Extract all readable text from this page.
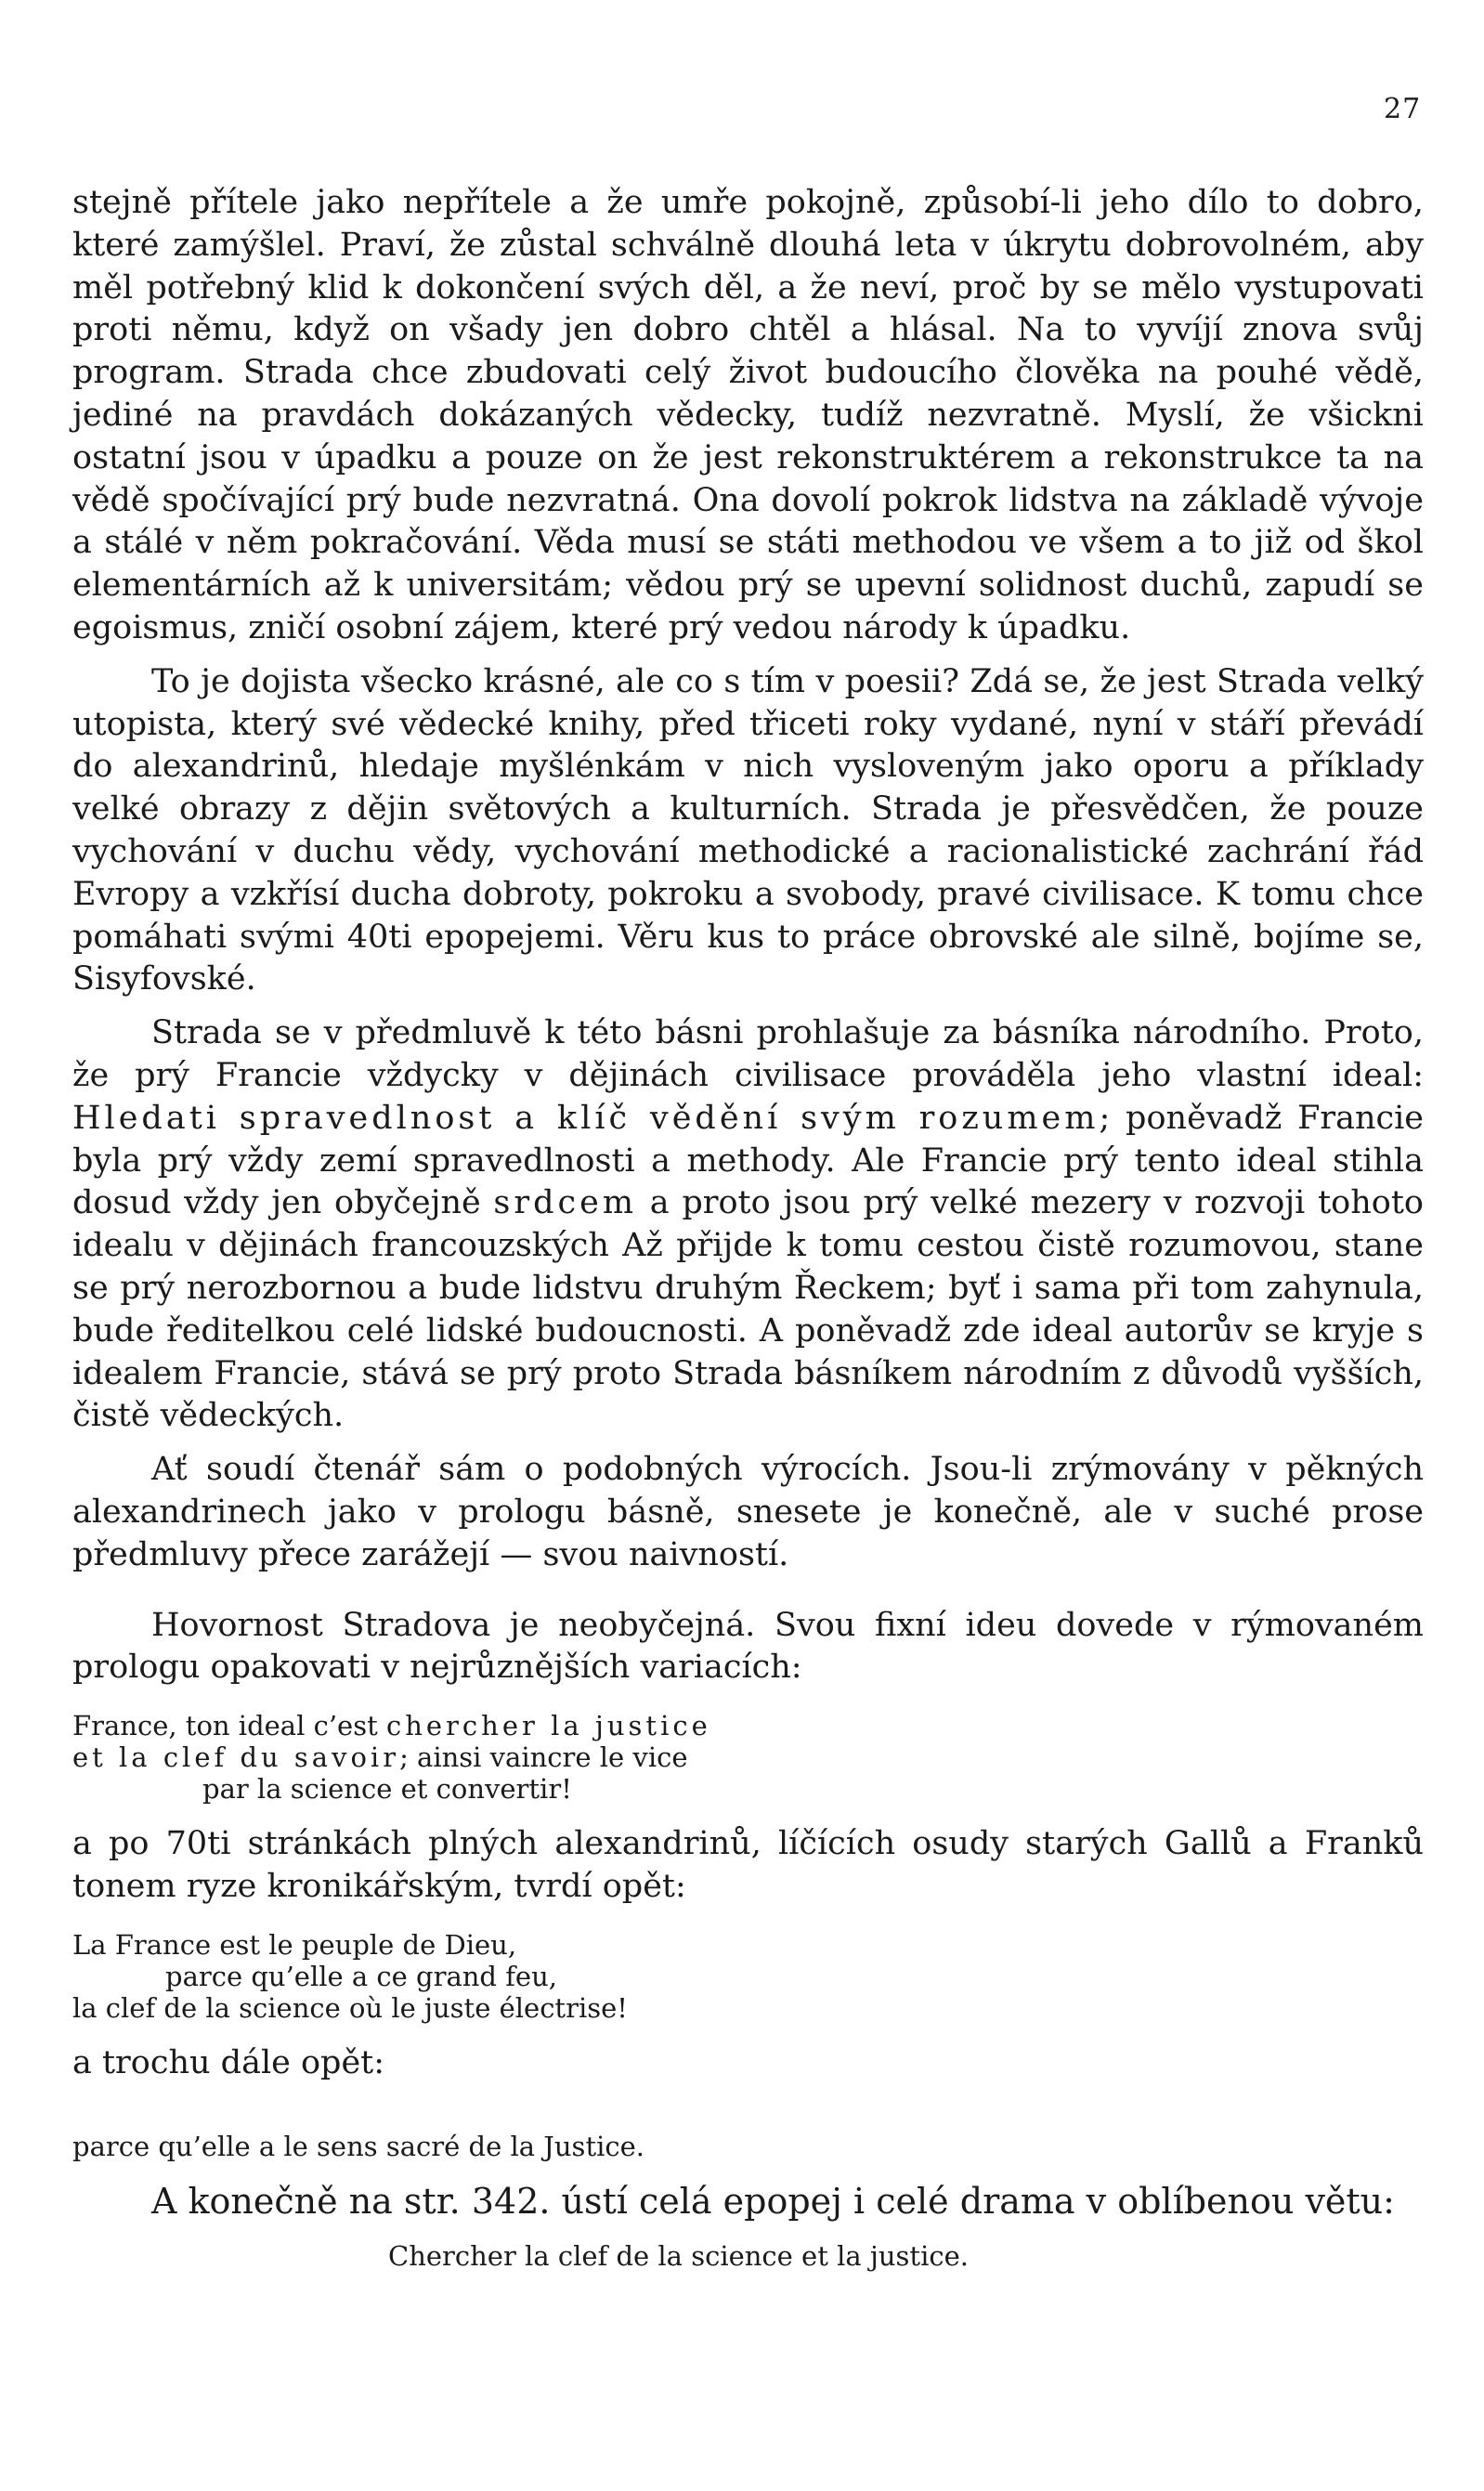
27

stejně přítele jako nepřítele a že umře pokojně, způsobí-li jeho dílo to dobro, které zamýšlel. Praví, že zůstal schválně dlouhá leta v úkrytu dobrovolném, aby měl potřebný klid k dokončení svých děl, a že neví, proč by se mělo vystupovati proti němu, když on všady jen dobro chtěl a hlásal. Na to vyvíjí znova svůj program. Strada chce zbudovati celý život budoucího člověka na pouhé vědě, jediné na pravdách dokázaných vědecky, tudíž nezvratně. Myslí, že všickni ostatní jsou v úpadku a pouze on že jest rekonstruktérem a rekonstrukce ta na vědě spočívající prý bude nezvratná. Ona dovolí pokrok lidstva na základě vývoje a stálé v něm pokračování. Věda musí se státi methodou ve všem a to již od škol elementárních až k universitám; vědou prý se upevní solidnost duchů, zapudí se egoismus, zničí osobní zájem, které prý vedou národy k úpadku.

To je dojista všecko krásné, ale co s tím v poesii? Zdá se, že jest Strada velký utopista, který své vědecké knihy, před třiceti roky vydané, nyní v stáří převádí do alexandrinů, hledaje myšlénkám v nich vysloveným jako oporu a příklady velké obrazy z dějin světových a kulturních. Strada je přesvědčen, že pouze vychování v duchu vědy, vychování methodické a racionalistické zachrání řád Evropy a vzkřísí ducha dobroty, pokroku a svobody, pravé civilisace. K tomu chce pomáhati svými 40ti epopejemi. Věru kus to práce obrovské ale silně, bojíme se, Sisyfovské.

Strada se v předmluvě k této básni prohlašuje za básníka národního. Proto, že prý Francie vždycky v dějinách civilisace prováděla jeho vlastní ideal: Hledati spravedlnost a klíč vědění svým rozumem; poněvadž Francie byla prý vždy zemí spravedlnosti a methody. Ale Francie prý tento ideal stihla dosud vždy jen obyčejně srdcem a proto jsou prý velké mezery v rozvoji tohoto idealu v dějinách francouzských Až přijde k tomu cestou čistě rozumovou, stane se prý nerozbornou a bude lidstvu druhým Řeckem; byť i sama při tom zahynula, bude ředitelkou celé lidské budoucnosti. A poněvadž zde ideal autorův se kryje s idealem Francie, stává se prý proto Strada básníkem národním z důvodů vyšších, čistě vědeckých.

Ať soudí čtenář sám o podobných výrocích. Jsou-li zrýmovány v pěkných alexandrinech jako v prologu básně, snesete je konečně, ale v suché prose předmluvy přece zarážejí — svou naivností.

Hovornost Stradova je neobyčejná. Svou fixní ideu dovede v rýmovaném prologu opakovati v nejrůznějších variacích:

France, ton ideal c’est chercher la justice
et la clef du savoir; ainsi vaincre le vice
par la science et convertir!

a po 70ti stránkách plných alexandrinů, líčících osudy starých Gallů a Franků tonem ryze kronikářským, tvrdí opět:

La France est le peuple de Dieu,
parce qu’elle a ce grand feu,
la clef de la science où le juste électrise!

a trochu dále opět:

parce qu’elle a le sens sacré de la Justice.

A konečně na str. 342. ústí celá epopej i celé drama v oblíbenou větu:

Chercher la clef de la science et la justice.
